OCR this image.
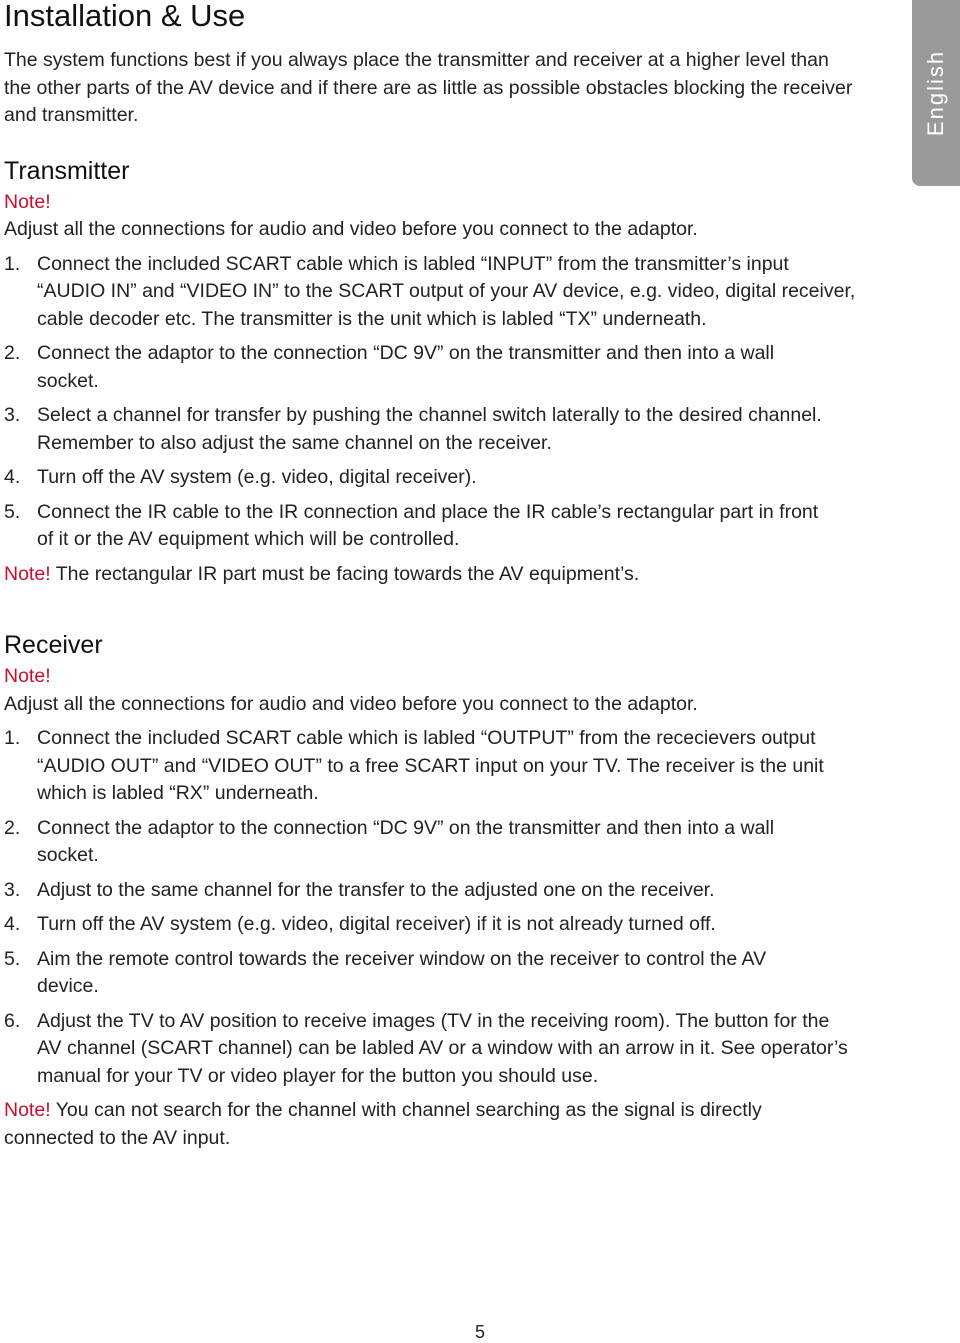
English
Installation & Use

The system functions best if you always place the transmitter and receiver at a higher level than the other parts of the AV device and if there are as little as possible obstacles blocking the receiver and transmitter.

Transmitter
Note!

Adjust all the connections for audio and video before you connect to the adaptor.

1. Connect the included SCART cable which is labled “INPUT” from the transmitter’s input “AUDIO IN” and “VIDEO IN” to the SCART output of your AV device, e.g. video, digital receiver, cable decoder etc. The transmitter is the unit which is labled “TX” underneath.
2. Connect the adaptor to the connection “DC 9V” on the transmitter and then into a wall socket.
3. Select a channel for transfer by pushing the channel switch laterally to the desired channel. Remember to also adjust the same channel on the receiver.
4. Turn off the AV system (e.g. video, digital receiver).
5. Connect the IR cable to the IR connection and place the IR cable’s rectangular part in front of it or the AV equipment which will be controlled.

Note! The rectangular IR part must be facing towards the AV equipment’s.

Receiver
Note!

Adjust all the connections for audio and video before you connect to the adaptor.

1. Connect the included SCART cable which is labled “OUTPUT” from the rececievers output “AUDIO OUT” and “VIDEO OUT” to a free SCART input on your TV. The receiver is the unit which is labled “RX” underneath.
2. Connect the adaptor to the connection “DC 9V” on the transmitter and then into a wall socket.
3. Adjust to the same channel for the transfer to the adjusted one on the receiver.
4. Turn off the AV system (e.g. video, digital receiver) if it is not already turned off.
5. Aim the remote control towards the receiver window on the receiver to control the AV device.
6. Adjust the TV to AV position to receive images (TV in the receiving room). The button for the AV channel (SCART channel) can be labled AV or a window with an arrow in it. See operator’s manual for your TV or video player for the button you should use.

Note! You can not search for the channel with channel searching as the signal is directly connected to the AV input.

5
